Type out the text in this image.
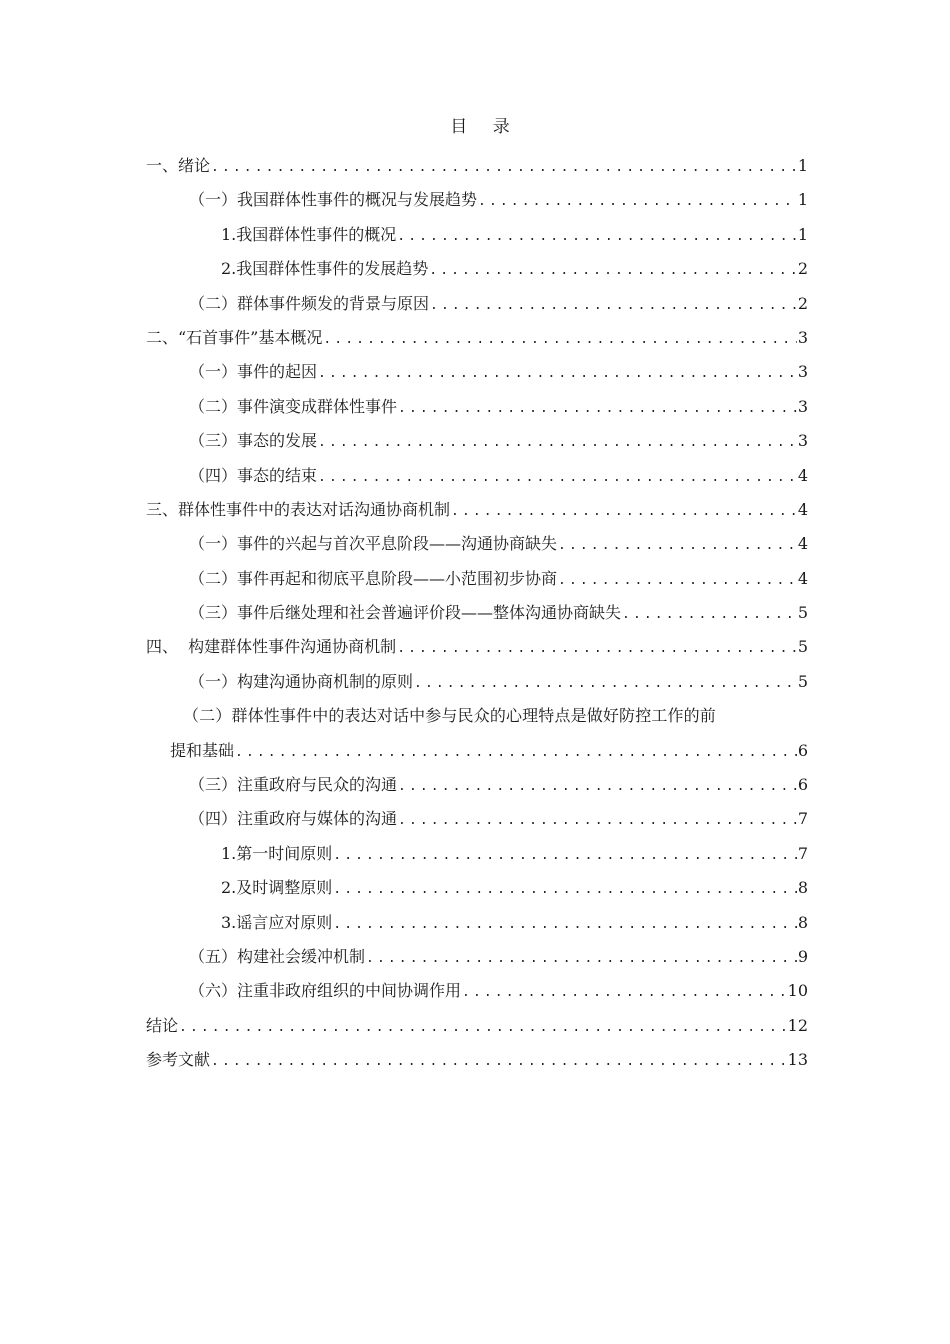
目 录
一、绪论 .....	1
（一）我国群体性事件的概况与发展趋势 .....	1
1.我国群体性事件的概况 .....	1
2.我国群体性事件的发展趋势 .....	2
（二）群体事件频发的背景与原因 .....	2
二、“石首事件”基本概况 .....	3
（一）事件的起因 .....	3
（二）事件演变成群体性事件 .....	3
（三）事态的发展 .....	3
（四）事态的结束 .....	4
三、群体性事件中的表达对话沟通协商机制 .....	4
（一）事件的兴起与首次平息阶段——沟通协商缺失 .....	4
（二）事件再起和彻底平息阶段——小范围初步协商 .....	4
（三）事件后继处理和社会普遍评价段——整体沟通协商缺失 .....	5
四、  构建群体性事件沟通协商机制 .....	5
（一）构建沟通协商机制的原则 .....	5
（二）群体性事件中的表达对话中参与民众的心理特点是做好防控工作的前
提和基础 .....	6
（三）注重政府与民众的沟通 .....	6
（四）注重政府与媒体的沟通 .....	7
1.第一时间原则 .....	7
2.及时调整原则 .....	8
3.谣言应对原则 .....	8
（五）构建社会缓冲机制 .....	9
（六）注重非政府组织的中间协调作用 .....	10
结论 .....	12
参考文献 .....	13
